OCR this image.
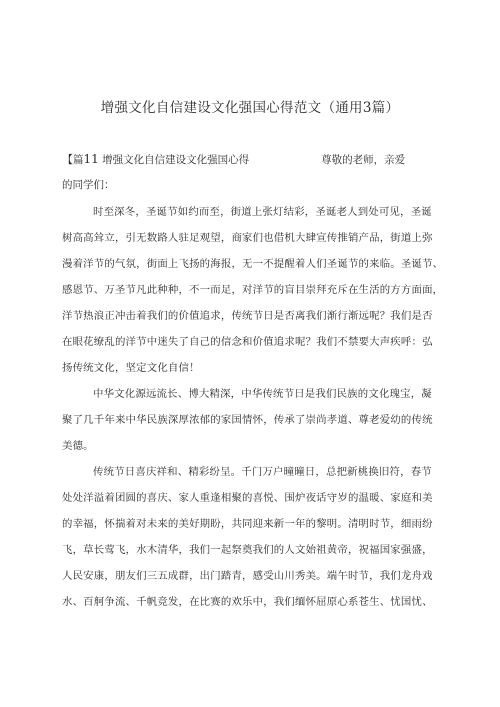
增强文化自信建设文化强国心得范文（通用3篇）
【篇11 增强文化自信建设文化强国心得	尊敬的老师，亲爱
的同学们：
时至深冬，圣诞节如约而至，街道上张灯结彩，圣诞老人到处可见，圣诞
树高高耸立，引无数路人驻足观望，商家们也借机大肆宣传推销产品，街道上弥
漫着洋节的气氛，街面上飞扬的海报，无一不提醒着人们圣诞节的来临。圣诞节、
感恩节、万圣节凡此种种，不一而足，对洋节的盲目崇拜充斥在生活的方方面面，
洋节热浪正冲击着我们的价值追求，传统节日是否离我们渐行渐远呢？我们是否
在眼花缭乱的洋节中迷失了自己的信念和价值追求呢？我们不禁要大声疾呼：弘
扬传统文化，坚定文化自信！
中华文化源远流长、博大精深，中华传统节日是我们民族的文化瑰宝，凝
聚了几千年来中华民族深厚浓郁的家国情怀，传承了崇尚孝道、尊老爱幼的传统
美德。
传统节日喜庆祥和、精彩纷呈。千门万户曈曈日，总把新桃换旧符，春节
处处洋溢着团圆的喜庆、家人重逢相聚的喜悦、围炉夜话守岁的温暖、家庭和美
的幸福，怀揣着对未来的美好期盼，共同迎来新一年的黎明。清明时节，细雨纷
飞，草长莺飞，水木清华，我们一起祭奠我们的人文始祖黄帝，祝福国家强盛，
人民安康，朋友们三五成群，出门踏青，感受山川秀美。端午时节，我们龙舟戏
水、百舸争流、千帆竞发，在比赛的欢乐中，我们缅怀屈原心系苍生、忧国忧、
